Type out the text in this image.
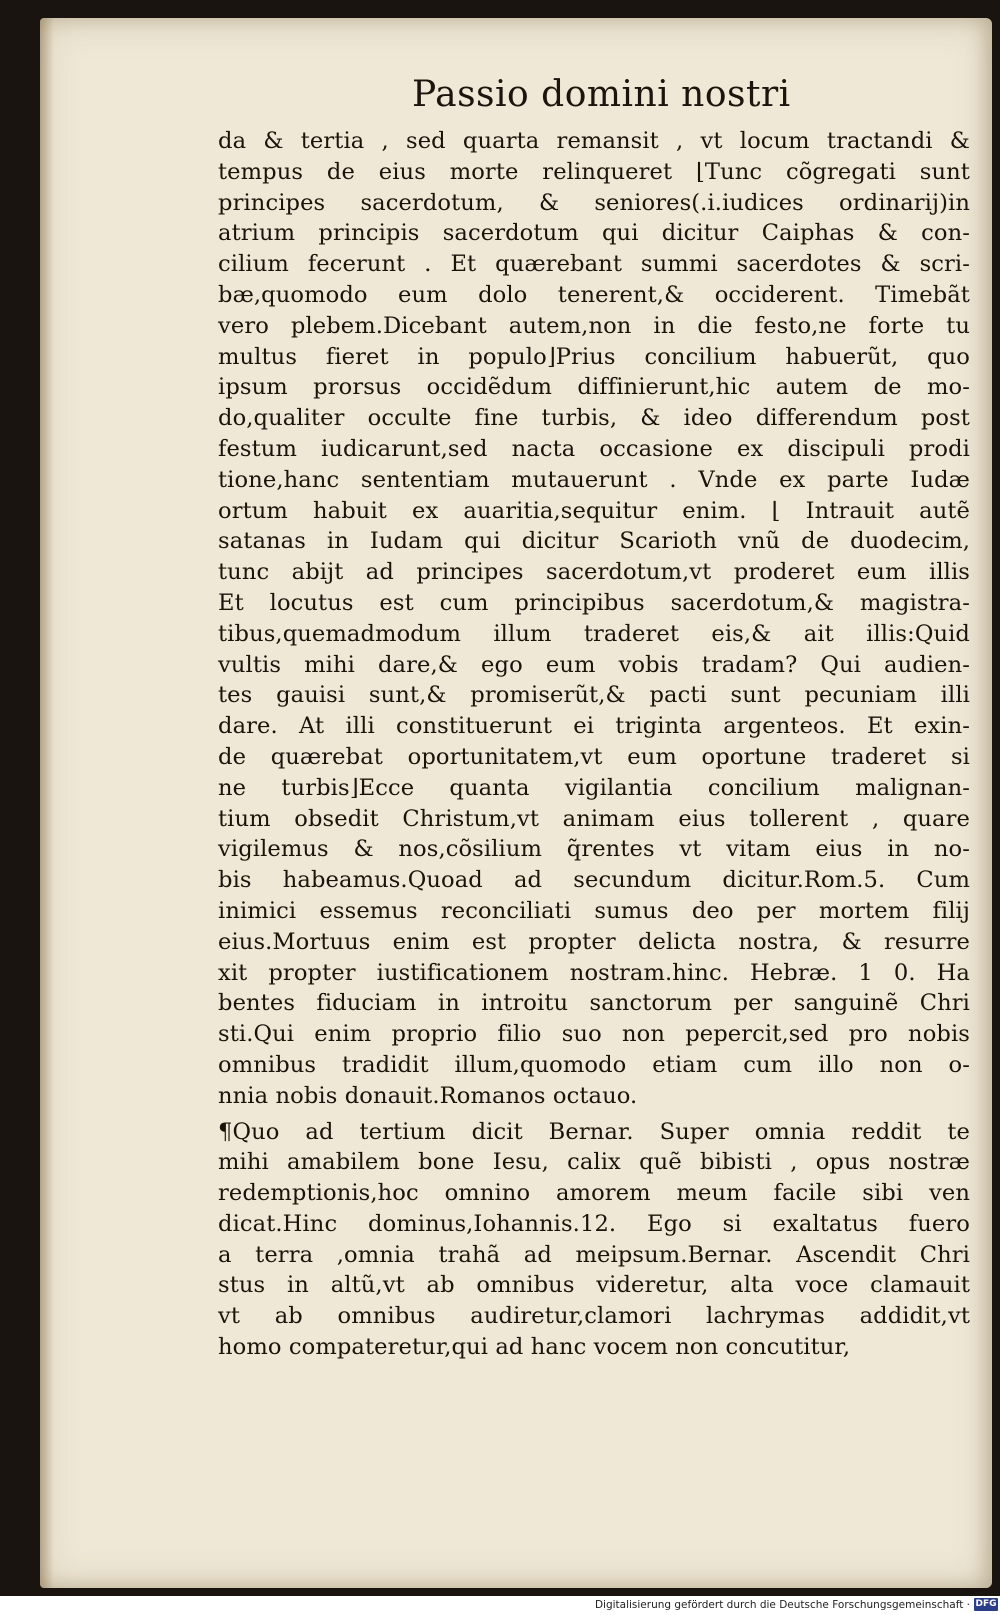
Passio domini nostri
da & tertia , sed quarta remansit , vt locum tractandi &
tempus de eius morte relinqueret ⌊Tunc cõgregati sunt
principes sacerdotum, & seniores(.i.iudices ordinarij)in
atrium principis sacerdotum qui dicitur Caiphas & con-
cilium fecerunt . Et quærebant summi sacerdotes & scri-
bæ,quomodo eum dolo tenerent,& occiderent. Timebãt
vero plebem.Dicebant autem,non in die festo,ne forte tu
multus fieret in populo⌋Prius concilium habuerũt, quo
ipsum prorsus occidẽdum diffinierunt,hic autem de mo-
do,qualiter occulte fine turbis, & ideo differendum post
festum iudicarunt,sed nacta occasione ex discipuli prodi
tione,hanc sententiam mutauerunt . Vnde ex parte Iudæ
ortum habuit ex auaritia,sequitur enim. ⌊ Intrauit autẽ
satanas in Iudam qui dicitur Scarioth vnũ de duodecim,
tunc abijt ad principes sacerdotum,vt proderet eum illis
Et locutus est cum principibus sacerdotum,& magistra-
tibus,quemadmodum illum traderet eis,& ait illis:Quid
vultis mihi dare,& ego eum vobis tradam? Qui audien-
tes gauisi sunt,& promiserũt,& pacti sunt pecuniam illi
dare. At illi constituerunt ei triginta argenteos. Et exin-
de quærebat oportunitatem,vt eum oportune traderet si
ne turbis⌋Ecce quanta vigilantia concilium malignan-
tium obsedit Christum,vt animam eius tollerent , quare
vigilemus & nos,cõsilium q̃rentes vt vitam eius in no-
bis habeamus.Quoad ad secundum dicitur.Rom.5. Cum
inimici essemus reconciliati sumus deo per mortem filij
eius.Mortuus enim est propter delicta nostra, & resurre
xit propter iustificationem nostram.hinc. Hebræ. 1 0. Ha
bentes fiduciam in introitu sanctorum per sanguinẽ Chri
sti.Qui enim proprio filio suo non pepercit,sed pro nobis
omnibus tradidit illum,quomodo etiam cum illo non o-
nnia nobis donauit.Romanos octauo.
¶Quo ad tertium dicit Bernar. Super omnia reddit te
mihi amabilem bone Iesu, calix quẽ bibisti , opus nostræ
redemptionis,hoc omnino amorem meum facile sibi ven
dicat.Hinc dominus,Iohannis.12. Ego si exaltatus fuero
a terra ,omnia trahã ad meipsum.Bernar. Ascendit Chri
stus in altũ,vt ab omnibus videretur, alta voce clamauit
vt ab omnibus audiretur,clamori lachrymas addidit,vt
homo compateretur,qui ad hanc vocem non concutitur,
Digitalisierung gefördert durch die Deutsche Forschungsgemeinschaft · DFG
